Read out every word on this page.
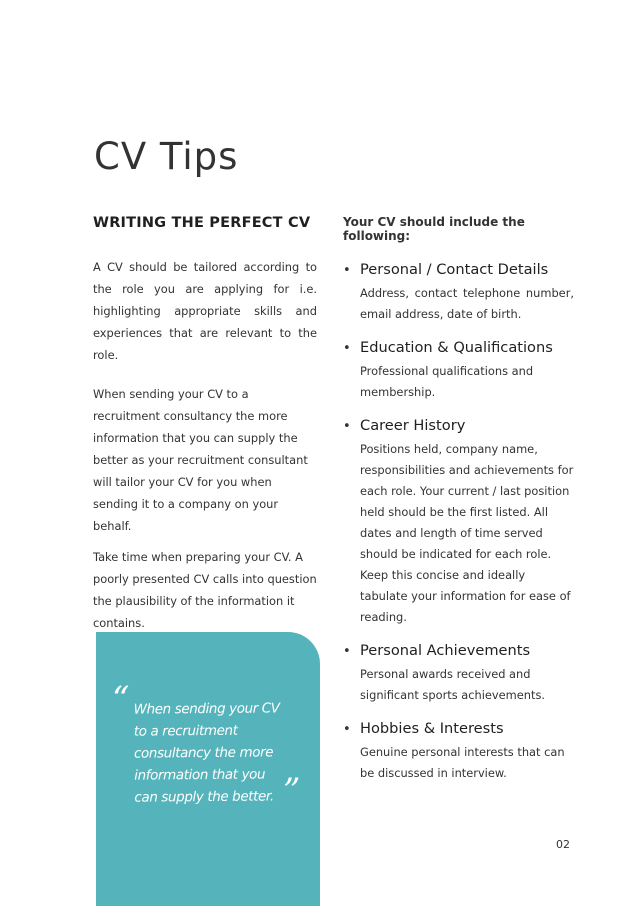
CV Tips
WRITING THE PERFECT CV

A CV should be tailored according to the role you are applying for i.e. highlighting appropriate skills and experiences that are relevant to the role.

When sending your CV to a recruitment consultancy the more information that you can supply the better as your recruitment consultant will tailor your CV for you when sending it to a company on your behalf.

Take time when preparing your CV. A poorly presented CV calls into question the plausibility of the information it contains.

“ When sending your CV to a recruitment consultancy the more information that you can supply the better. ”

Your CV should include the following:

• Personal / Contact Details

Address, contact telephone number, email address, date of birth.

• Education & Qualifications

Professional qualifications and membership.

• Career History

Positions held, company name, responsibilities and achievements for each role. Your current / last position held should be the first listed. All dates and length of time served should be indicated for each role. Keep this concise and ideally tabulate your information for ease of reading.

• Personal Achievements

Personal awards received and significant sports achievements.

• Hobbies & Interests

Genuine personal interests that can be discussed in interview.

02
